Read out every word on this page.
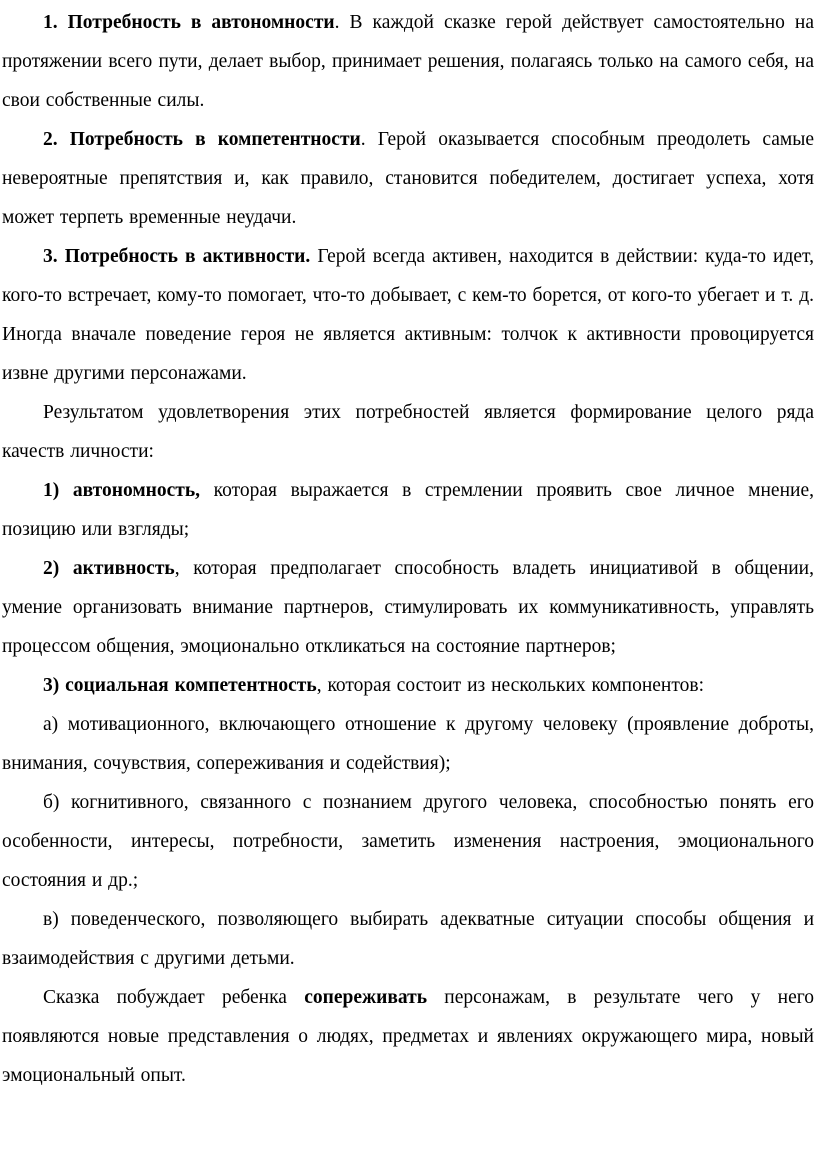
1. Потребность в автономности. В каждой сказке герой действует самостоятельно на протяжении всего пути, делает выбор, принимает решения, полагаясь только на самого себя, на свои собственные силы.

2. Потребность в компетентности. Герой оказывается способным преодолеть самые невероятные препятствия и, как правило, становится победителем, достигает успеха, хотя может терпеть временные неудачи.

3. Потребность в активности. Герой всегда активен, находится в действии: куда-то идет, кого-то встречает, кому-то помогает, что-то добывает, с кем-то борется, от кого-то убегает и т. д. Иногда вначале поведение героя не является активным: толчок к активности провоцируется извне другими персонажами.

Результатом удовлетворения этих потребностей является формирование целого ряда качеств личности:

1) автономность, которая выражается в стремлении проявить свое личное мнение, позицию или взгляды;

2) активность, которая предполагает способность владеть инициативой в общении, умение организовать внимание партнеров, стимулировать их коммуникативность, управлять процессом общения, эмоционально откликаться на состояние партнеров;

3) социальная компетентность, которая состоит из нескольких компонентов:

а) мотивационного, включающего отношение к другому человеку (проявление доброты, внимания, сочувствия, сопереживания и содействия);

б) когнитивного, связанного с познанием другого человека, способностью понять его особенности, интересы, потребности, заметить изменения настроения, эмоционального состояния и др.;

в) поведенческого, позволяющего выбирать адекватные ситуации способы общения и взаимодействия с другими детьми.

Сказка побуждает ребенка сопереживать персонажам, в результате чего у него появляются новые представления о людях, предметах и явлениях окружающего мира, новый эмоциональный опыт.
